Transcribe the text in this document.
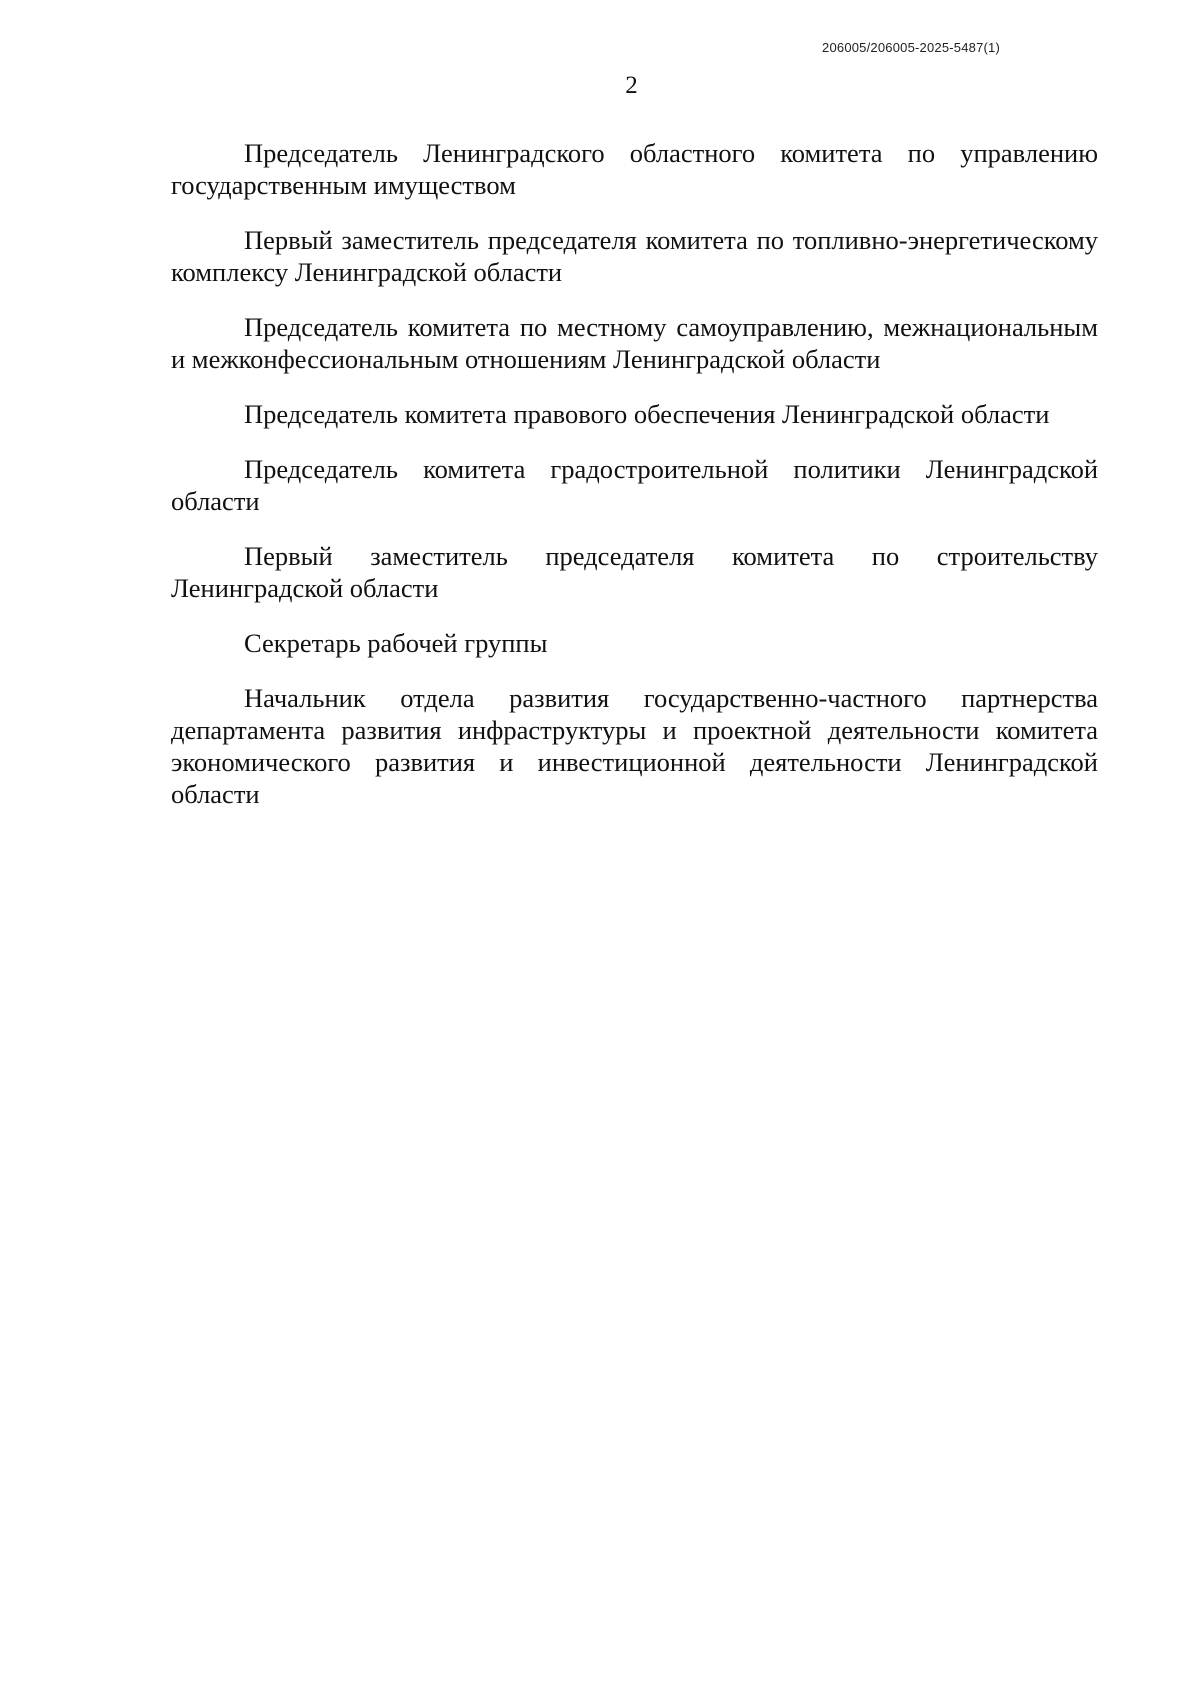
206005/206005-2025-5487(1)
2

Председатель Ленинградского областного комитета по управлению государственным имуществом

Первый заместитель председателя комитета по топливно-энергетическому комплексу Ленинградской области

Председатель комитета по местному самоуправлению, межнациональным и межконфессиональным отношениям Ленинградской области

Председатель комитета правового обеспечения Ленинградской области

Председатель комитета градостроительной политики Ленинградской области

Первый заместитель председателя комитета по строительству Ленинградской области

Секретарь рабочей группы

Начальник отдела развития государственно-частного партнерства департамента развития инфраструктуры и проектной деятельности комитета экономического развития и инвестиционной деятельности Ленинградской области
